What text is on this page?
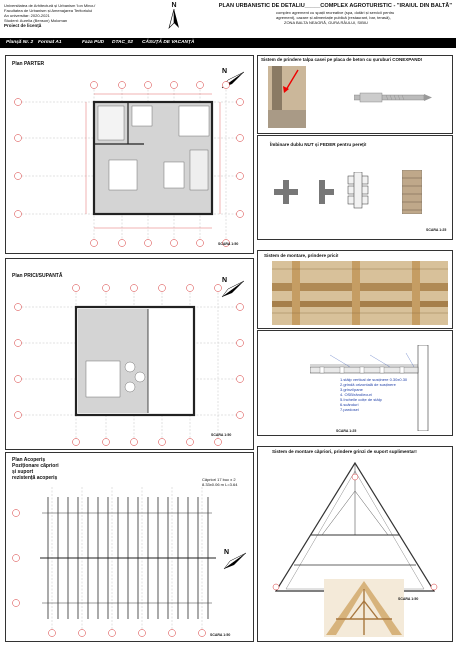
Universitatea de Arhitectură și Urbanism 'Ion Mincu'
Facultatea de Urbanism și Amenajarea Teritoriului
An universitar: 2020-2021
Student: Aurelia (Benson) Moloman
Proiect de licență
N	PLAN URBANISTIC DE DETALIU_____COMPLEX AGROTURISTIC - "IRAIUL DIN BALTĂ"
complex agrement cu spații recreative (spa, dotări și servicii pentru
agrement), cazare și alimentație publică (restaurant, bar, terasă),
ZONA BALTA NEAGRĂ, GURA RÂULUI, SIBIU
Planșă Nr. 2 Format A1	Faza PUD DTAC_02 CĂSUȚĂ DE VACANȚĂ
Plan PARTER
N
SCARA 1:50
Plan PRICI/SUPANTĂ
N
SCARA 1:50
Plan Acoperiș
Poziționare căpriori
și suport
rezistență acoperiș	Căpriori 17 buc x 2
8.33x0.06 m L=3.64
N
SCARA 1:50
Sistem de prindere talpa casei pe placa de beton cu șuruburi CONEXPAND!
Îmbinare dublu NUT și FEDER pentru pereți!
SCARA 1:25
Sistem de montare, prindere prici!
1.stâlp vertical de susținere 0.30x0.30
2.grindă orizontală de susținere
3.grinzi/pane
4. OSB/rând/ecuri
5.încheile colțe de stâlp
6.scânduri
7.pardosei
SCARA 1:25
Sistem de montare căpriori, prindere grinzi de suport suplimentar!
SCARA 1:50
